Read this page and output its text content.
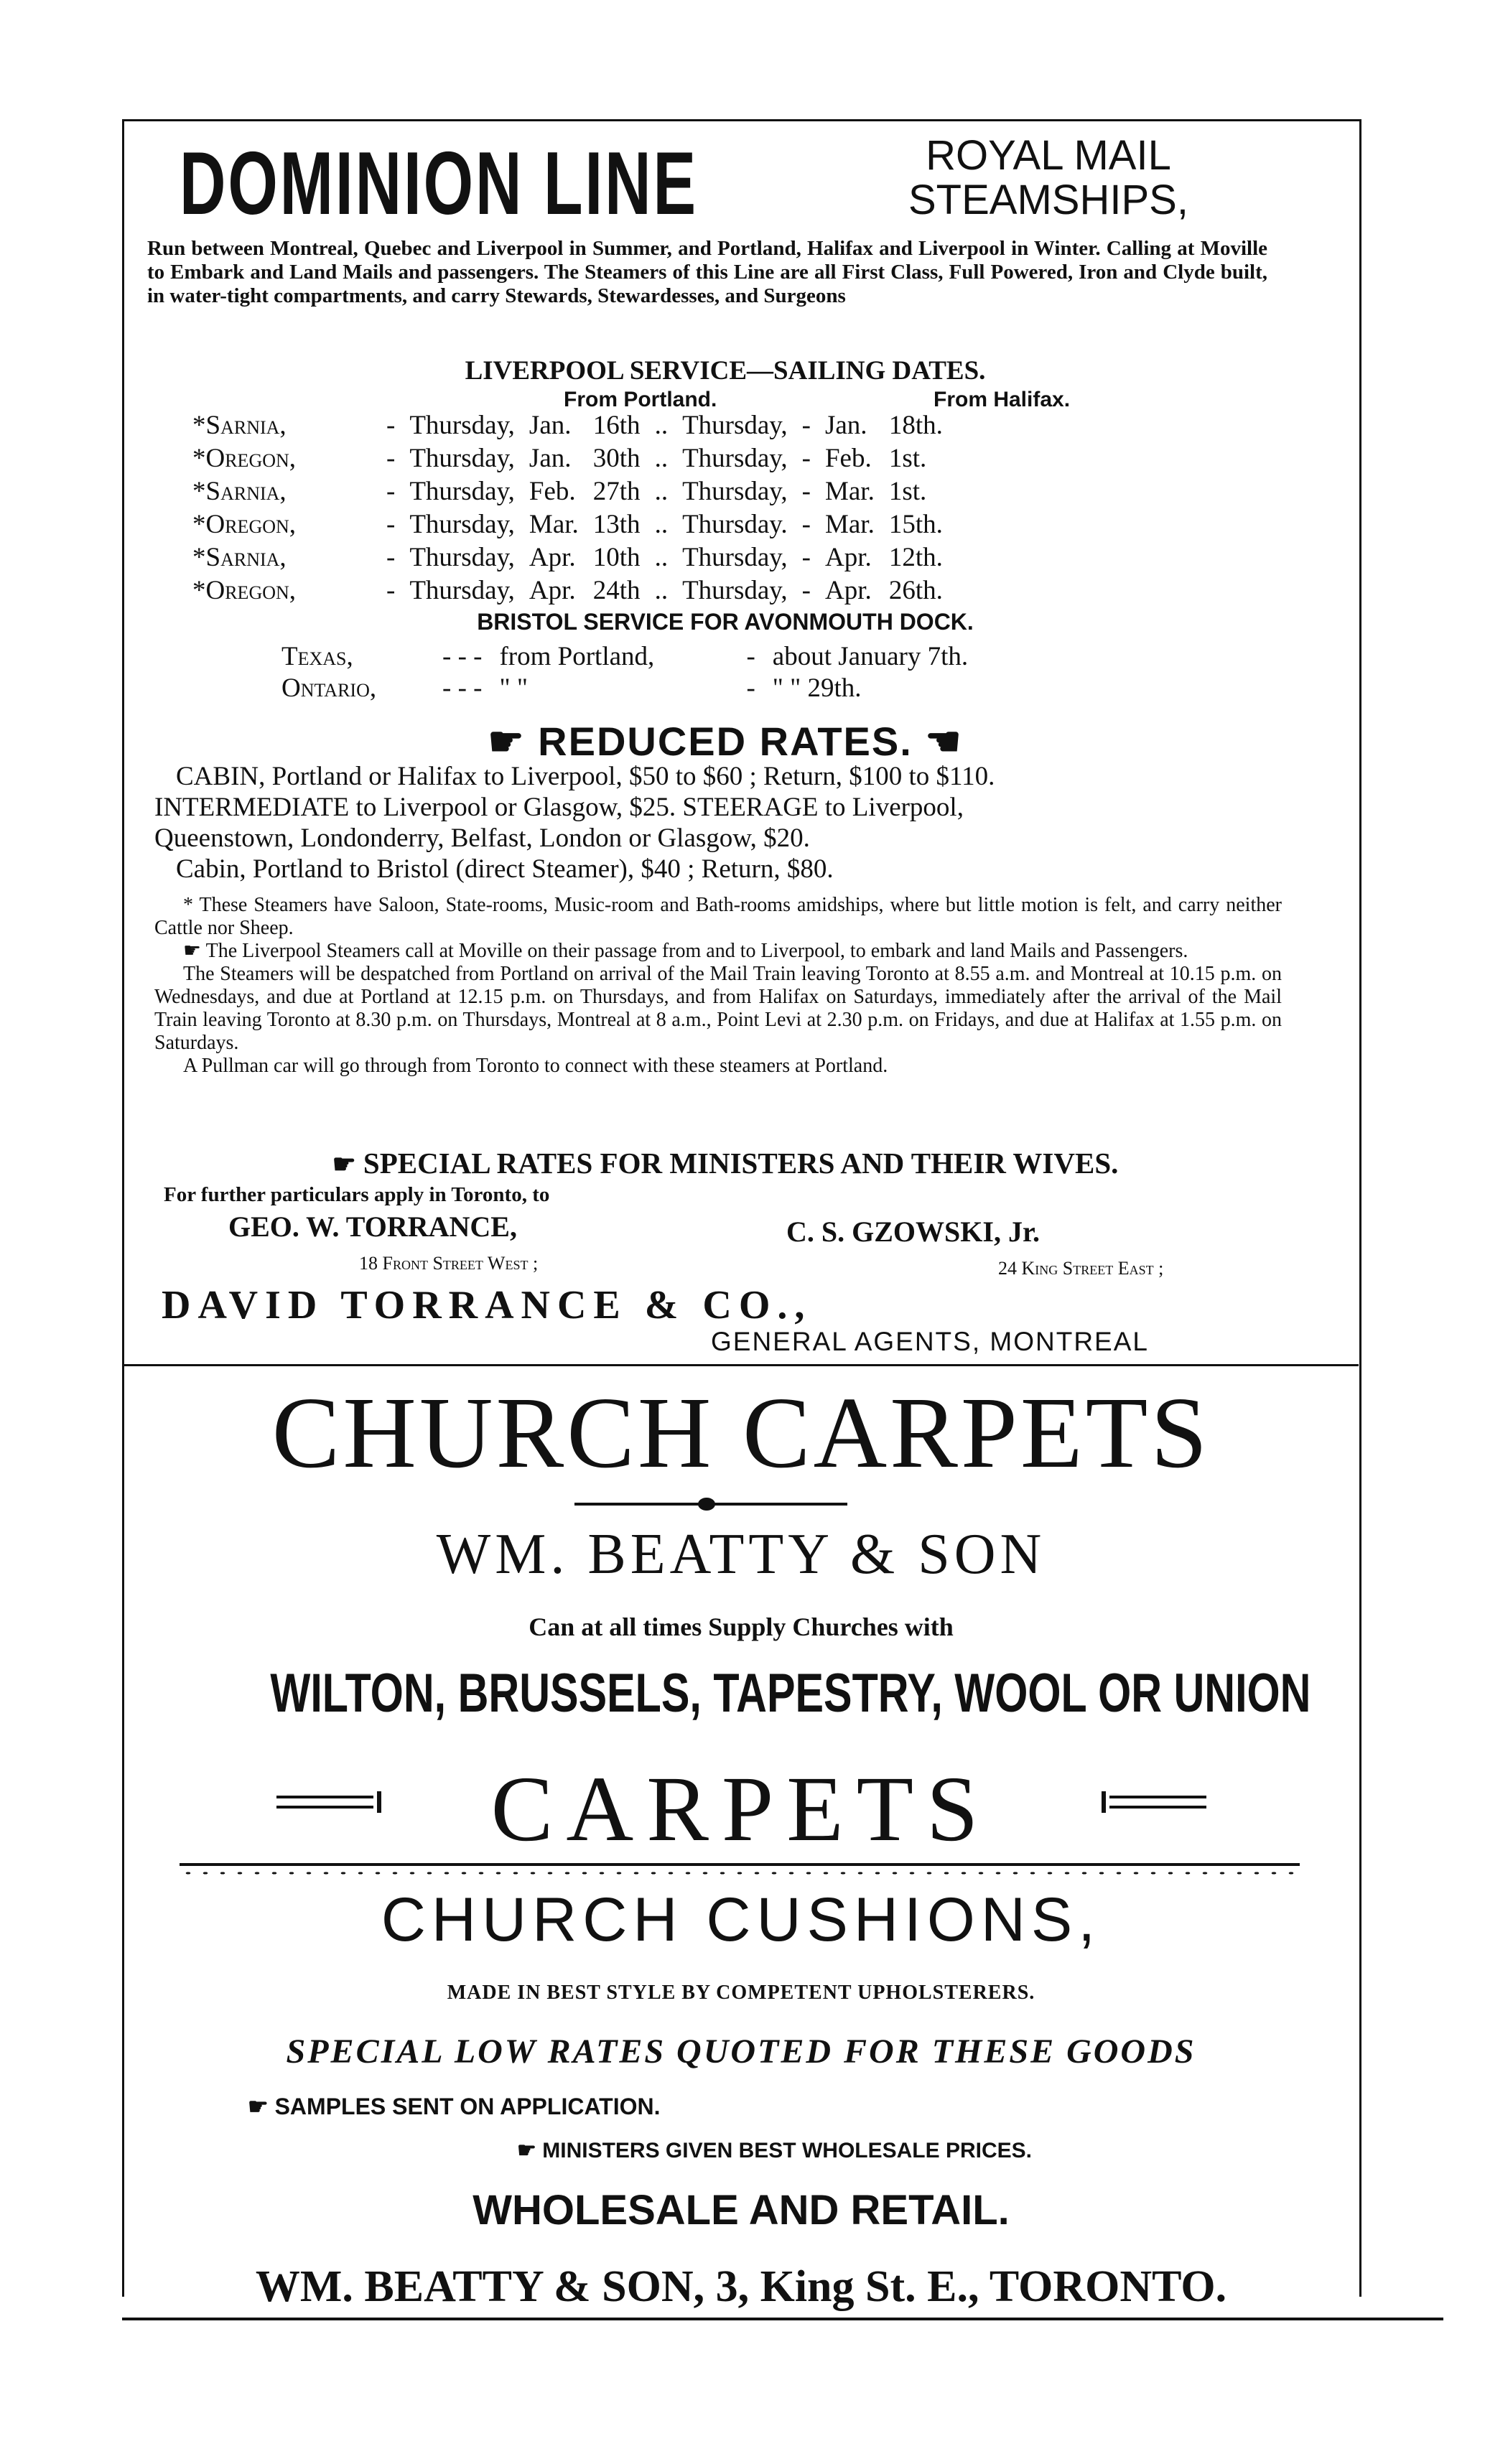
DOMINION LINE	ROYAL MAIL
STEAMSHIPS,
Run between Montreal, Quebec and Liverpool in Summer, and Portland, Halifax and Liverpool in Winter. Calling at Moville to Embark and Land Mails and passengers. The Steamers of this Line are all First Class, Full Powered, Iron and Clyde built, in water-tight compartments, and carry Stewards, Stewardesses, and Surgeons
LIVERPOOL SERVICE—SAILING DATES.
From Portland.	From Halifax.
*Sarnia,	-	Thursday,	Jan.	16th	..	Thursday,	-	Jan.	18th.
*Oregon,	-	Thursday,	Jan.	30th	..	Thursday,	-	Feb.	1st.
*Sarnia,	-	Thursday,	Feb.	27th	..	Thursday,	-	Mar.	1st.
*Oregon,	-	Thursday,	Mar.	13th	..	Thursday.	-	Mar.	15th.
*Sarnia,	-	Thursday,	Apr.	10th	..	Thursday,	-	Apr.	12th.
*Oregon,	-	Thursday,	Apr.	24th	..	Thursday,	-	Apr.	26th.
BRISTOL SERVICE FOR AVONMOUTH DOCK.
Texas,	- - -	from Portland,	-	about January 7th.
Ontario,	- - -	" "	-	" " 29th.
☛ REDUCED RATES. ☚
CABIN, Portland or Halifax to Liverpool, $50 to $60 ; Return, $100 to $110.
INTERMEDIATE to Liverpool or Glasgow, $25. STEERAGE to Liverpool,
Queenstown, Londonderry, Belfast, London or Glasgow, $20.
Cabin, Portland to Bristol (direct Steamer), $40 ; Return, $80.

* These Steamers have Saloon, State-rooms, Music-room and Bath-rooms amidships, where but little motion is felt, and carry neither Cattle nor Sheep.

☛ The Liverpool Steamers call at Moville on their passage from and to Liverpool, to embark and land Mails and Passengers.

The Steamers will be despatched from Portland on arrival of the Mail Train leaving Toronto at 8.55 a.m. and Montreal at 10.15 p.m. on Wednesdays, and due at Portland at 12.15 p.m. on Thursdays, and from Halifax on Saturdays, immediately after the arrival of the Mail Train leaving Toronto at 8.30 p.m. on Thursdays, Montreal at 8 a.m., Point Levi at 2.30 p.m. on Fridays, and due at Halifax at 1.55 p.m. on Saturdays.

A Pullman car will go through from Toronto to connect with these steamers at Portland.

☛ SPECIAL RATES FOR MINISTERS AND THEIR WIVES.
For further particulars apply in Toronto, to
GEO. W. TORRANCE,	C. S. GZOWSKI, Jr.
18 Front Street West ;	24 King Street East ;
DAVID TORRANCE & CO.,
GENERAL AGENTS, MONTREAL
CHURCH CARPETS
WM. BEATTY & SON
Can at all times Supply Churches with
WILTON, BRUSSELS, TAPESTRY, WOOL OR UNION
CARPETS
CHURCH CUSHIONS,
MADE IN BEST STYLE BY COMPETENT UPHOLSTERERS.
SPECIAL LOW RATES QUOTED FOR THESE GOODS
☛ SAMPLES SENT ON APPLICATION.
☛ MINISTERS GIVEN BEST WHOLESALE PRICES.
WHOLESALE AND RETAIL.
WM. BEATTY & SON, 3, King St. E., TORONTO.
